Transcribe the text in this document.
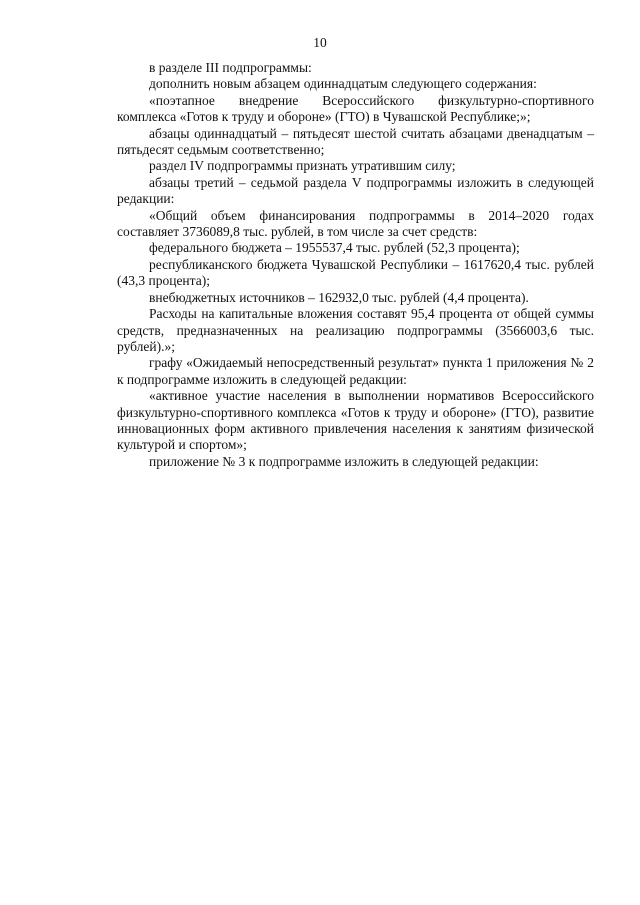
10

в разделе III подпрограммы:

дополнить новым абзацем одиннадцатым следующего содержания:

«поэтапное внедрение Всероссийского физкультурно-спортивного комплекса «Готов к труду и обороне» (ГТО) в Чувашской Республике;»;

абзацы одиннадцатый – пятьдесят шестой считать абзацами двенадцатым – пятьдесят седьмым соответственно;

раздел IV подпрограммы признать утратившим силу;

абзацы третий – седьмой раздела V подпрограммы изложить в следующей редакции:

«Общий объем финансирования подпрограммы в 2014–2020 годах составляет 3736089,8 тыс. рублей, в том числе за счет средств:

федерального бюджета – 1955537,4 тыс. рублей (52,3 процента);

республиканского бюджета Чувашской Республики – 1617620,4 тыс. рублей (43,3 процента);

внебюджетных источников – 162932,0 тыс. рублей (4,4 процента).

Расходы на капитальные вложения составят 95,4 процента от общей суммы средств, предназначенных на реализацию подпрограммы (3566003,6 тыс. рублей).»;

графу «Ожидаемый непосредственный результат» пункта 1 приложения № 2 к подпрограмме изложить в следующей редакции:

«активное участие населения в выполнении нормативов Всероссийского физкультурно-спортивного комплекса «Готов к труду и обороне» (ГТО), развитие инновационных форм активного привлечения населения к занятиям физической культурой и спортом»;

приложение № 3 к подпрограмме изложить в следующей редакции:
